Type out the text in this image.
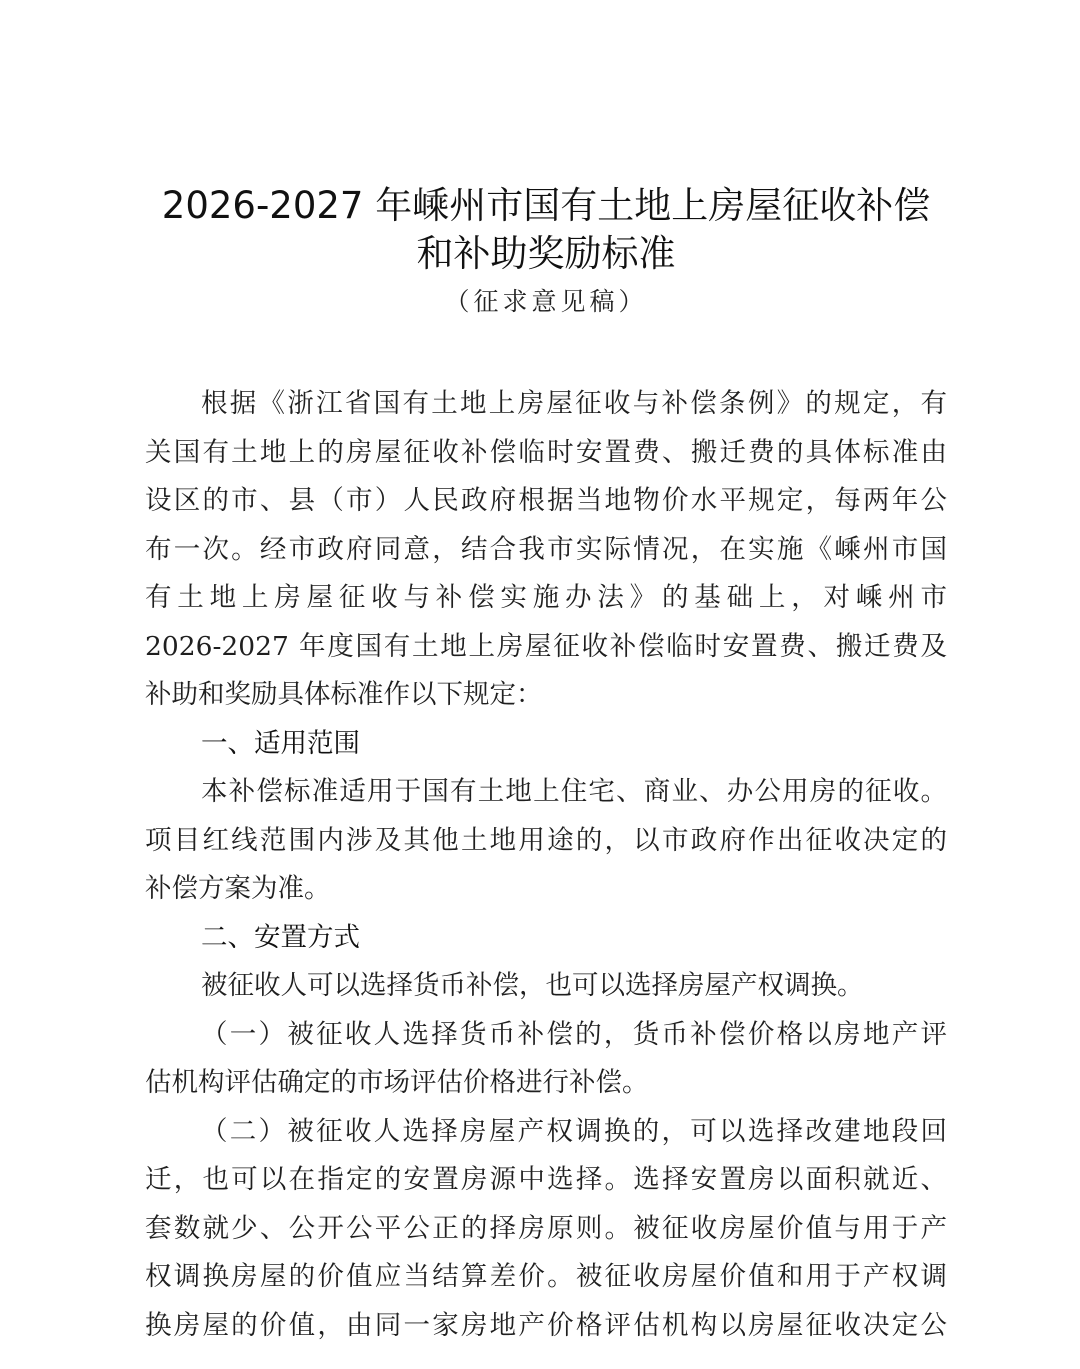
2026-2027 年嵊州市国有土地上房屋征收补偿
和补助奖励标准
（征求意见稿）
根据《浙江省国有土地上房屋征收与补偿条例》的规定，有
关国有土地上的房屋征收补偿临时安置费、搬迁费的具体标准由
设区的市、县（市）人民政府根据当地物价水平规定，每两年公
布一次。经市政府同意，结合我市实际情况，在实施《嵊州市国
有土地上房屋征收与补偿实施办法》的基础上，对嵊州市
2026-2027 年度国有土地上房屋征收补偿临时安置费、搬迁费及
补助和奖励具体标准作以下规定：
一、适用范围
本补偿标准适用于国有土地上住宅、商业、办公用房的征收。
项目红线范围内涉及其他土地用途的，以市政府作出征收决定的
补偿方案为准。
二、安置方式
被征收人可以选择货币补偿，也可以选择房屋产权调换。
（一）被征收人选择货币补偿的，货币补偿价格以房地产评
估机构评估确定的市场评估价格进行补偿。
（二）被征收人选择房屋产权调换的，可以选择改建地段回
迁，也可以在指定的安置房源中选择。选择安置房以面积就近、
套数就少、公开公平公正的择房原则。被征收房屋价值与用于产
权调换房屋的价值应当结算差价。被征收房屋价值和用于产权调
换房屋的价值，由同一家房地产价格评估机构以房屋征收决定公
